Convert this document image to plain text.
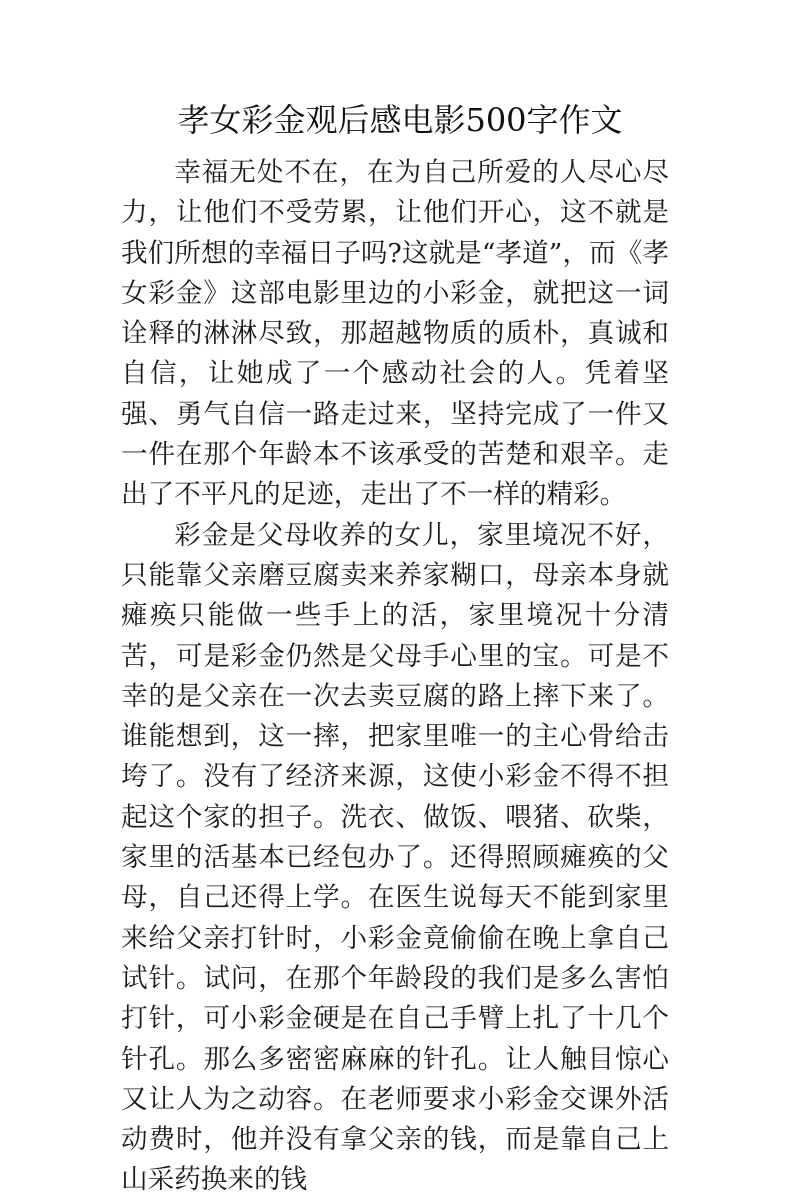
孝女彩金观后感电影500字作文

幸福无处不在，在为自己所爱的人尽心尽力，让他们不受劳累，让他们开心，这不就是我们所想的幸福日子吗?这就是“孝道”，而《孝女彩金》这部电影里边的小彩金，就把这一词诠释的淋淋尽致，那超越物质的质朴，真诚和自信，让她成了一个感动社会的人。凭着坚强、勇气自信一路走过来，坚持完成了一件又一件在那个年龄本不该承受的苦楚和艰辛。走出了不平凡的足迹，走出了不一样的精彩。

彩金是父母收养的女儿，家里境况不好，只能靠父亲磨豆腐卖来养家糊口，母亲本身就瘫痪只能做一些手上的活，家里境况十分清苦，可是彩金仍然是父母手心里的宝。可是不幸的是父亲在一次去卖豆腐的路上摔下来了。谁能想到，这一摔，把家里唯一的主心骨给击垮了。没有了经济来源，这使小彩金不得不担起这个家的担子。洗衣、做饭、喂猪、砍柴，家里的活基本已经包办了。还得照顾瘫痪的父母，自己还得上学。在医生说每天不能到家里来给父亲打针时，小彩金竟偷偷在晚上拿自己试针。试问，在那个年龄段的我们是多么害怕打针，可小彩金硬是在自己手臂上扎了十几个针孔。那么多密密麻麻的针孔。让人触目惊心又让人为之动容。在老师要求小彩金交课外活动费时，他并没有拿父亲的钱，而是靠自己上山采药换来的钱
